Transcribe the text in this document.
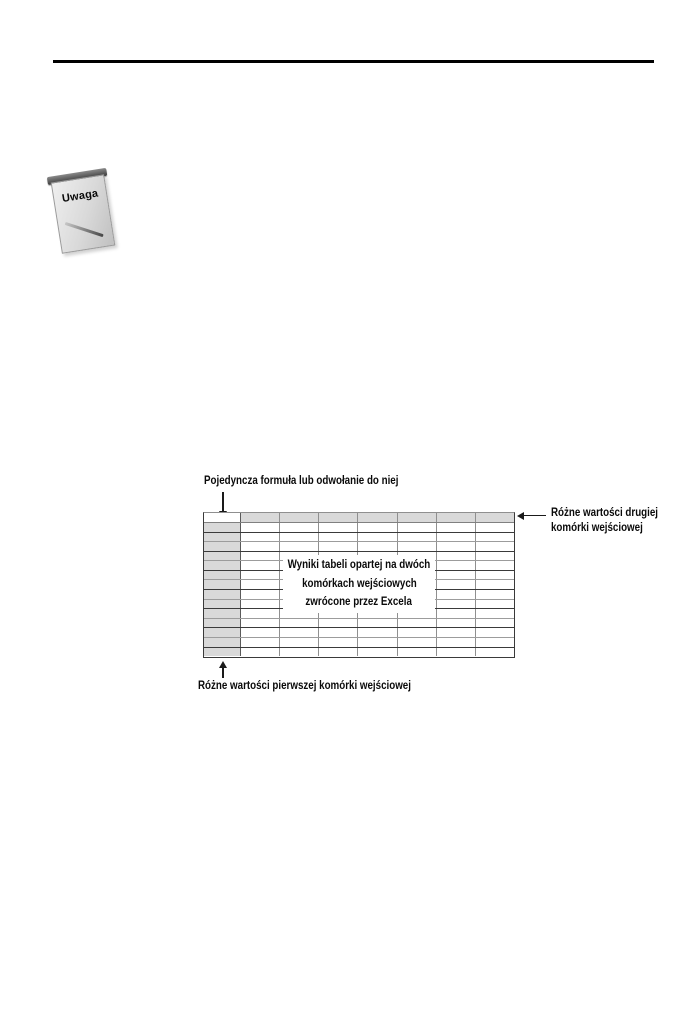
Uwaga
Pojedyncza formuła lub odwołanie do niej
Wyniki tabeli opartej na dwóch
komórkach wejściowych
zwrócone przez Excela
Różne wartości drugiej
komórki wejściowej
Różne wartości pierwszej komórki wejściowej
